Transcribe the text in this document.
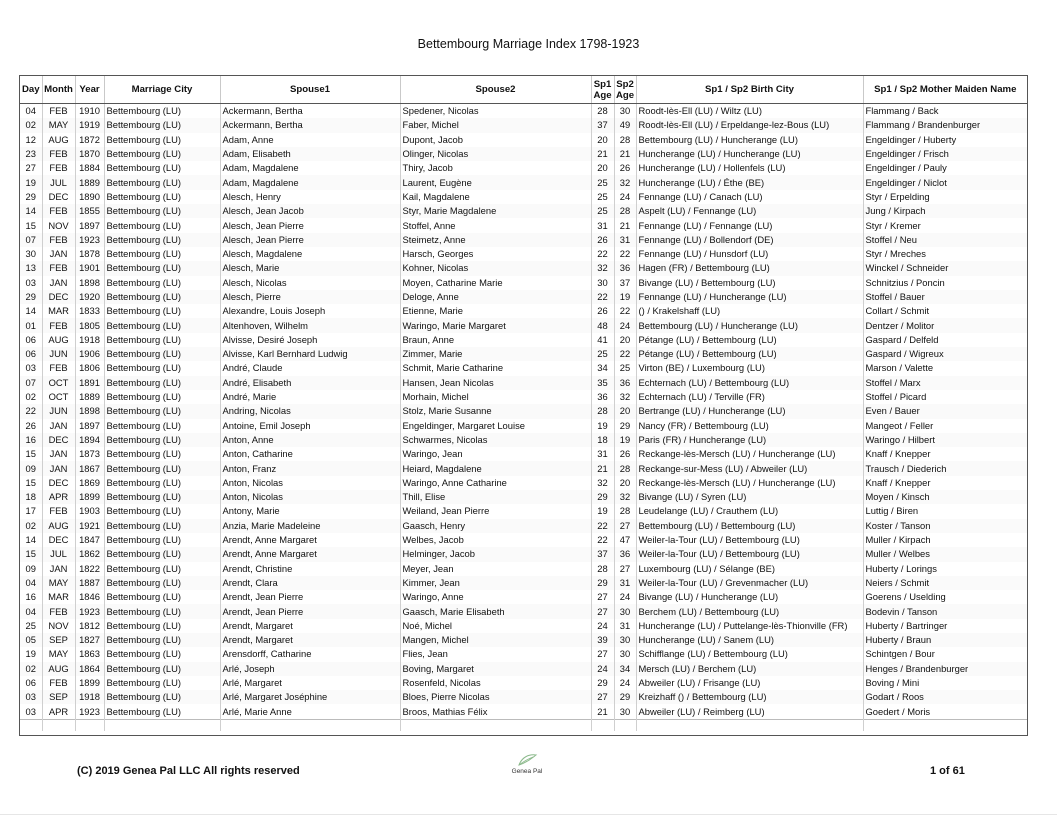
Bettembourg Marriage Index 1798-1923
Day	Month	Year	Marriage City	Spouse1	Spouse2	Sp1 Age	Sp2 Age	Sp1 / Sp2 Birth City	Sp1 / Sp2 Mother Maiden Name
04	FEB	1910	Bettembourg (LU)	Ackermann, Bertha	Spedener, Nicolas	28	30	Roodt-lès-Ell (LU) / Wiltz (LU)	Flammang / Back
02	MAY	1919	Bettembourg (LU)	Ackermann, Bertha	Faber, Michel	37	49	Roodt-lès-Ell (LU) / Erpeldange-lez-Bous (LU)	Flammang / Brandenburger
12	AUG	1872	Bettembourg (LU)	Adam, Anne	Dupont, Jacob	20	28	Bettembourg (LU) / Huncherange (LU)	Engeldinger / Huberty
23	FEB	1870	Bettembourg (LU)	Adam, Elisabeth	Olinger, Nicolas	21	21	Huncherange (LU) / Huncherange (LU)	Engeldinger / Frisch
27	FEB	1884	Bettembourg (LU)	Adam, Magdalene	Thiry, Jacob	20	26	Huncherange (LU) / Hollenfels (LU)	Engeldinger / Pauly
19	JUL	1889	Bettembourg (LU)	Adam, Magdalene	Laurent, Eugène	25	32	Huncherange (LU) / Éthe (BE)	Engeldinger / Niclot
29	DEC	1890	Bettembourg (LU)	Alesch, Henry	Kail, Magdalene	25	24	Fennange (LU) / Canach (LU)	Styr / Erpelding
14	FEB	1855	Bettembourg (LU)	Alesch, Jean Jacob	Styr, Marie Magdalene	25	28	Aspelt (LU) / Fennange (LU)	Jung / Kirpach
15	NOV	1897	Bettembourg (LU)	Alesch, Jean Pierre	Stoffel, Anne	31	21	Fennange (LU) / Fennange (LU)	Styr / Kremer
07	FEB	1923	Bettembourg (LU)	Alesch, Jean Pierre	Steimetz, Anne	26	31	Fennange (LU) / Bollendorf (DE)	Stoffel / Neu
30	JAN	1878	Bettembourg (LU)	Alesch, Magdalene	Harsch, Georges	22	22	Fennange (LU) / Hunsdorf (LU)	Styr / Mreches
13	FEB	1901	Bettembourg (LU)	Alesch, Marie	Kohner, Nicolas	32	36	Hagen (FR) / Bettembourg (LU)	Winckel / Schneider
03	JAN	1898	Bettembourg (LU)	Alesch, Nicolas	Moyen, Catharine Marie	30	37	Bivange (LU) / Bettembourg (LU)	Schnitzius / Poncin
29	DEC	1920	Bettembourg (LU)	Alesch, Pierre	Deloge, Anne	22	19	Fennange (LU) / Huncherange (LU)	Stoffel / Bauer
14	MAR	1833	Bettembourg (LU)	Alexandre, Louis Joseph	Etienne, Marie	26	22	() / Krakelshaff (LU)	Collart / Schmit
01	FEB	1805	Bettembourg (LU)	Altenhoven, Wilhelm	Waringo, Marie Margaret	48	24	Bettembourg (LU) / Huncherange (LU)	Dentzer / Molitor
06	AUG	1918	Bettembourg (LU)	Alvisse, Desiré Joseph	Braun, Anne	41	20	Pétange (LU) / Bettembourg (LU)	Gaspard / Delfeld
06	JUN	1906	Bettembourg (LU)	Alvisse, Karl Bernhard Ludwig	Zimmer, Marie	25	22	Pétange (LU) / Bettembourg (LU)	Gaspard / Wigreux
03	FEB	1806	Bettembourg (LU)	André, Claude	Schmit, Marie Catharine	34	25	Virton (BE) / Luxembourg (LU)	Marson / Valette
07	OCT	1891	Bettembourg (LU)	André, Elisabeth	Hansen, Jean Nicolas	35	36	Echternach (LU) / Bettembourg (LU)	Stoffel / Marx
02	OCT	1889	Bettembourg (LU)	André, Marie	Morhain, Michel	36	32	Echternach (LU) / Terville (FR)	Stoffel / Picard
22	JUN	1898	Bettembourg (LU)	Andring, Nicolas	Stolz, Marie Susanne	28	20	Bertrange (LU) / Huncherange (LU)	Even / Bauer
26	JAN	1897	Bettembourg (LU)	Antoine, Emil Joseph	Engeldinger, Margaret Louise	19	29	Nancy (FR) / Bettembourg (LU)	Mangeot / Feller
16	DEC	1894	Bettembourg (LU)	Anton, Anne	Schwarmes, Nicolas	18	19	Paris (FR) / Huncherange (LU)	Waringo / Hilbert
15	JAN	1873	Bettembourg (LU)	Anton, Catharine	Waringo, Jean	31	26	Reckange-lès-Mersch (LU) / Huncherange (LU)	Knaff / Knepper
09	JAN	1867	Bettembourg (LU)	Anton, Franz	Heiard, Magdalene	21	28	Reckange-sur-Mess (LU) / Abweiler (LU)	Trausch / Diederich
15	DEC	1869	Bettembourg (LU)	Anton, Nicolas	Waringo, Anne Catharine	32	20	Reckange-lès-Mersch (LU) / Huncherange (LU)	Knaff / Knepper
18	APR	1899	Bettembourg (LU)	Anton, Nicolas	Thill, Elise	29	32	Bivange (LU) / Syren (LU)	Moyen / Kinsch
17	FEB	1903	Bettembourg (LU)	Antony, Marie	Weiland, Jean Pierre	19	28	Leudelange (LU) / Crauthem (LU)	Luttig / Biren
02	AUG	1921	Bettembourg (LU)	Anzia, Marie Madeleine	Gaasch, Henry	22	27	Bettembourg (LU) / Bettembourg (LU)	Koster / Tanson
14	DEC	1847	Bettembourg (LU)	Arendt, Anne Margaret	Welbes, Jacob	22	47	Weiler-la-Tour (LU) / Bettembourg (LU)	Muller / Kirpach
15	JUL	1862	Bettembourg (LU)	Arendt, Anne Margaret	Helminger, Jacob	37	36	Weiler-la-Tour (LU) / Bettembourg (LU)	Muller / Welbes
09	JAN	1822	Bettembourg (LU)	Arendt, Christine	Meyer, Jean	28	27	Luxembourg (LU) / Sélange (BE)	Huberty / Lorings
04	MAY	1887	Bettembourg (LU)	Arendt, Clara	Kimmer, Jean	29	31	Weiler-la-Tour (LU) / Grevenmacher (LU)	Neiers / Schmit
16	MAR	1846	Bettembourg (LU)	Arendt, Jean Pierre	Waringo, Anne	27	24	Bivange (LU) / Huncherange (LU)	Goerens / Uselding
04	FEB	1923	Bettembourg (LU)	Arendt, Jean Pierre	Gaasch, Marie Elisabeth	27	30	Berchem (LU) / Bettembourg (LU)	Bodevin / Tanson
25	NOV	1812	Bettembourg (LU)	Arendt, Margaret	Noé, Michel	24	31	Huncherange (LU) / Puttelange-lès-Thionville (FR)	Huberty / Bartringer
05	SEP	1827	Bettembourg (LU)	Arendt, Margaret	Mangen, Michel	39	30	Huncherange (LU) / Sanem (LU)	Huberty / Braun
19	MAY	1863	Bettembourg (LU)	Arensdorff, Catharine	Flies, Jean	27	30	Schifflange (LU) / Bettembourg (LU)	Schintgen / Bour
02	AUG	1864	Bettembourg (LU)	Arlé, Joseph	Boving, Margaret	24	34	Mersch (LU) / Berchem (LU)	Henges / Brandenburger
06	FEB	1899	Bettembourg (LU)	Arlé, Margaret	Rosenfeld, Nicolas	29	24	Abweiler (LU) / Frisange (LU)	Boving / Mini
03	SEP	1918	Bettembourg (LU)	Arlé, Margaret Joséphine	Bloes, Pierre Nicolas	27	29	Kreizhaff () / Bettembourg (LU)	Godart / Roos
03	APR	1923	Bettembourg (LU)	Arlé, Marie Anne	Broos, Mathias Félix	21	30	Abweiler (LU) / Reimberg (LU)	Goedert / Moris

(C) 2019 Genea Pal LLC All rights reserved	Genea Pal	1 of 61
